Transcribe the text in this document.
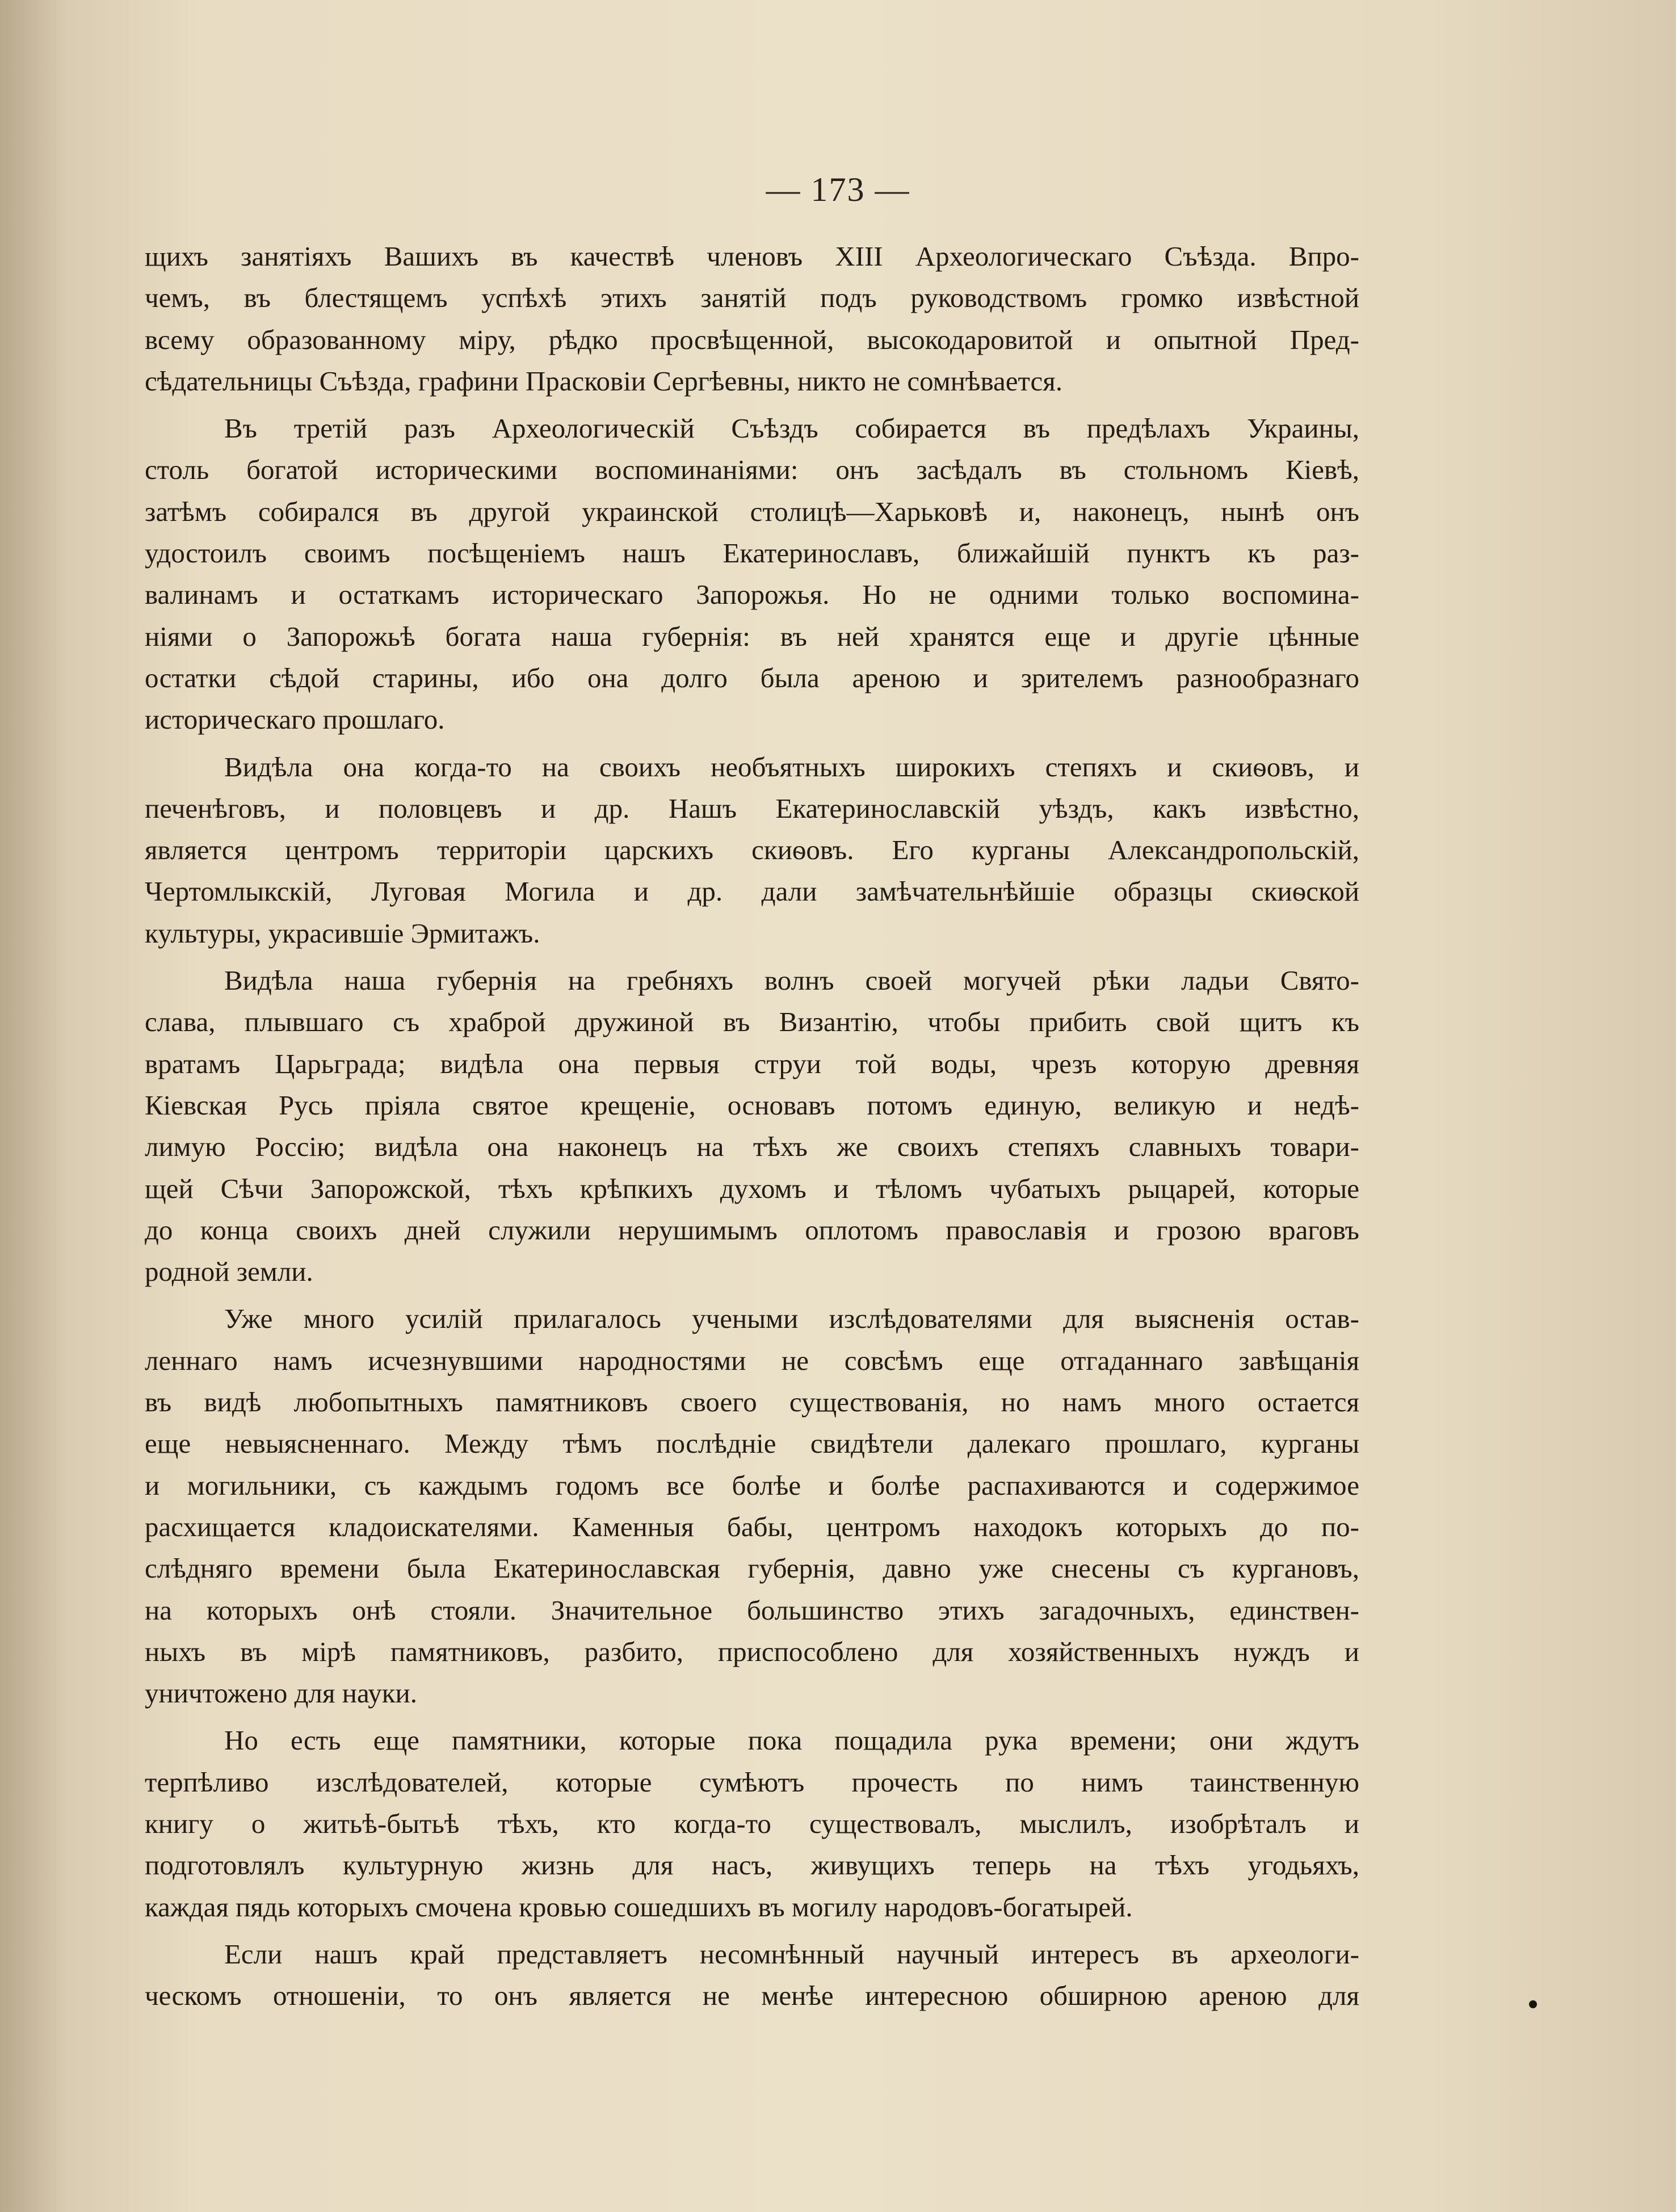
— 173 —
щихъ занятіяхъ Вашихъ въ качествѣ членовъ XIII Археологическаго Съѣзда. Впро-
чемъ, въ блестящемъ успѣхѣ этихъ занятій подъ руководствомъ громко извѣстной
всему образованному міру, рѣдко просвѣщенной, высокодаровитой и опытной Пред-
сѣдательницы Съѣзда, графини Прасковіи Сергѣевны, никто не сомнѣвается.
Въ третій разъ Археологическій Съѣздъ собирается въ предѣлахъ Украины,
столь богатой историческими воспоминаніями: онъ засѣдалъ въ стольномъ Кіевѣ,
затѣмъ собирался въ другой украинской столицѣ—Харьковѣ и, наконецъ, нынѣ онъ
удостоилъ своимъ посѣщеніемъ нашъ Екатеринославъ, ближайшій пунктъ къ раз-
валинамъ и остаткамъ историческаго Запорожья. Но не одними только воспомина-
ніями о Запорожьѣ богата наша губернія: въ ней хранятся еще и другіе цѣнные
остатки сѣдой старины, ибо она долго была ареною и зрителемъ разнообразнаго
историческаго прошлаго.
Видѣла она когда-то на своихъ необъятныхъ широкихъ степяхъ и скиѳовъ, и
печенѣговъ, и половцевъ и др. Нашъ Екатеринославскій уѣздъ, какъ извѣстно,
является центромъ территоріи царскихъ скиѳовъ. Его курганы Александропольскій,
Чертомлыкскій, Луговая Могила и др. дали замѣчательнѣйшіе образцы скиѳской
культуры, украсившіе Эрмитажъ.
Видѣла наша губернія на гребняхъ волнъ своей могучей рѣки ладьи Свято-
слава, плывшаго съ храброй дружиной въ Византію, чтобы прибить свой щитъ къ
вратамъ Царьграда; видѣла она первыя струи той воды, чрезъ которую древняя
Кіевская Русь пріяла святое крещеніе, основавъ потомъ единую, великую и недѣ-
лимую Россію; видѣла она наконецъ на тѣхъ же своихъ степяхъ славныхъ товари-
щей Сѣчи Запорожской, тѣхъ крѣпкихъ духомъ и тѣломъ чубатыхъ рыцарей, которые
до конца своихъ дней служили нерушимымъ оплотомъ православія и грозою враговъ
родной земли.
Уже много усилій прилагалось учеными изслѣдователями для выясненія остав-
леннаго намъ исчезнувшими народностями не совсѣмъ еще отгаданнаго завѣщанія
въ видѣ любопытныхъ памятниковъ своего существованія, но намъ много остается
еще невыясненнаго. Между тѣмъ послѣдніе свидѣтели далекаго прошлаго, курганы
и могильники, съ каждымъ годомъ все болѣе и болѣе распахиваются и содержимое
расхищается кладоискателями. Каменныя бабы, центромъ находокъ которыхъ до по-
слѣдняго времени была Екатеринославская губернія, давно уже снесены съ кургановъ,
на которыхъ онѣ стояли. Значительное большинство этихъ загадочныхъ, единствен-
ныхъ въ мірѣ памятниковъ, разбито, приспособлено для хозяйственныхъ нуждъ и
уничтожено для науки.
Но есть еще памятники, которые пока пощадила рука времени; они ждутъ
терпѣливо изслѣдователей, которые сумѣютъ прочесть по нимъ таинственную
книгу о житьѣ-бытьѣ тѣхъ, кто когда-то существовалъ, мыслилъ, изобрѣталъ и
подготовлялъ культурную жизнь для насъ, живущихъ теперь на тѣхъ угодьяхъ,
каждая пядь которыхъ смочена кровью сошедшихъ въ могилу народовъ-богатырей.
Если нашъ край представляетъ несомнѣнный научный интересъ въ археологи-
ческомъ отношеніи, то онъ является не менѣе интересною обширною ареною для
